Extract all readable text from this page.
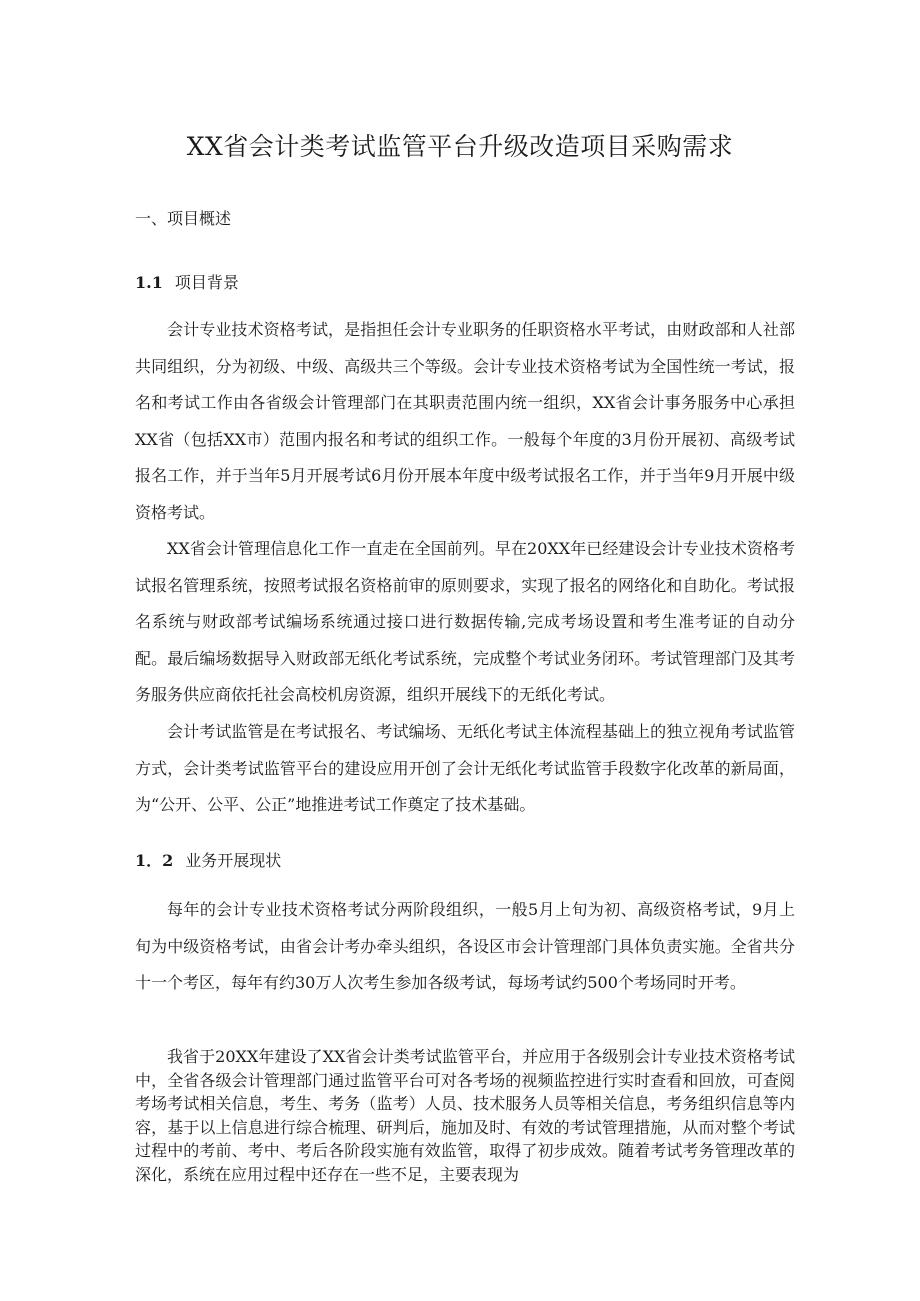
XX省会计类考试监管平台升级改造项目采购需求
一、项目概述
1.1 项目背景

会计专业技术资格考试，是指担任会计专业职务的任职资格水平考试，由财政部和人社部共同组织，分为初级、中级、高级共三个等级。会计专业技术资格考试为全国性统一考试，报名和考试工作由各省级会计管理部门在其职责范围内统一组织，XX省会计事务服务中心承担XX省（包括XX市）范围内报名和考试的组织工作。一般每个年度的3月份开展初、高级考试报名工作，并于当年5月开展考试6月份开展本年度中级考试报名工作，并于当年9月开展中级资格考试。

XX省会计管理信息化工作一直走在全国前列。早在20XX年已经建设会计专业技术资格考试报名管理系统，按照考试报名资格前审的原则要求，实现了报名的网络化和自助化。考试报名系统与财政部考试编场系统通过接口进行数据传输,完成考场设置和考生准考证的自动分配。最后编场数据导入财政部无纸化考试系统，完成整个考试业务闭环。考试管理部门及其考务服务供应商依托社会高校机房资源，组织开展线下的无纸化考试。

会计考试监管是在考试报名、考试编场、无纸化考试主体流程基础上的独立视角考试监管方式，会计类考试监管平台的建设应用开创了会计无纸化考试监管手段数字化改革的新局面，为“公开、公平、公正”地推进考试工作奠定了技术基础。

1．2 业务开展现状

每年的会计专业技术资格考试分两阶段组织，一般5月上旬为初、高级资格考试，9月上旬为中级资格考试，由省会计考办牵头组织，各设区市会计管理部门具体负责实施。全省共分十一个考区，每年有约30万人次考生参加各级考试，每场考试约500个考场同时开考。

我省于20XX年建设了XX省会计类考试监管平台，并应用于各级别会计专业技术资格考试中，全省各级会计管理部门通过监管平台可对各考场的视频监控进行实时查看和回放，可查阅考场考试相关信息，考生、考务（监考）人员、技术服务人员等相关信息，考务组织信息等内容，基于以上信息进行综合梳理、研判后，施加及时、有效的考试管理措施，从而对整个考试过程中的考前、考中、考后各阶段实施有效监管，取得了初步成效。随着考试考务管理改革的深化，系统在应用过程中还存在一些不足，主要表现为
